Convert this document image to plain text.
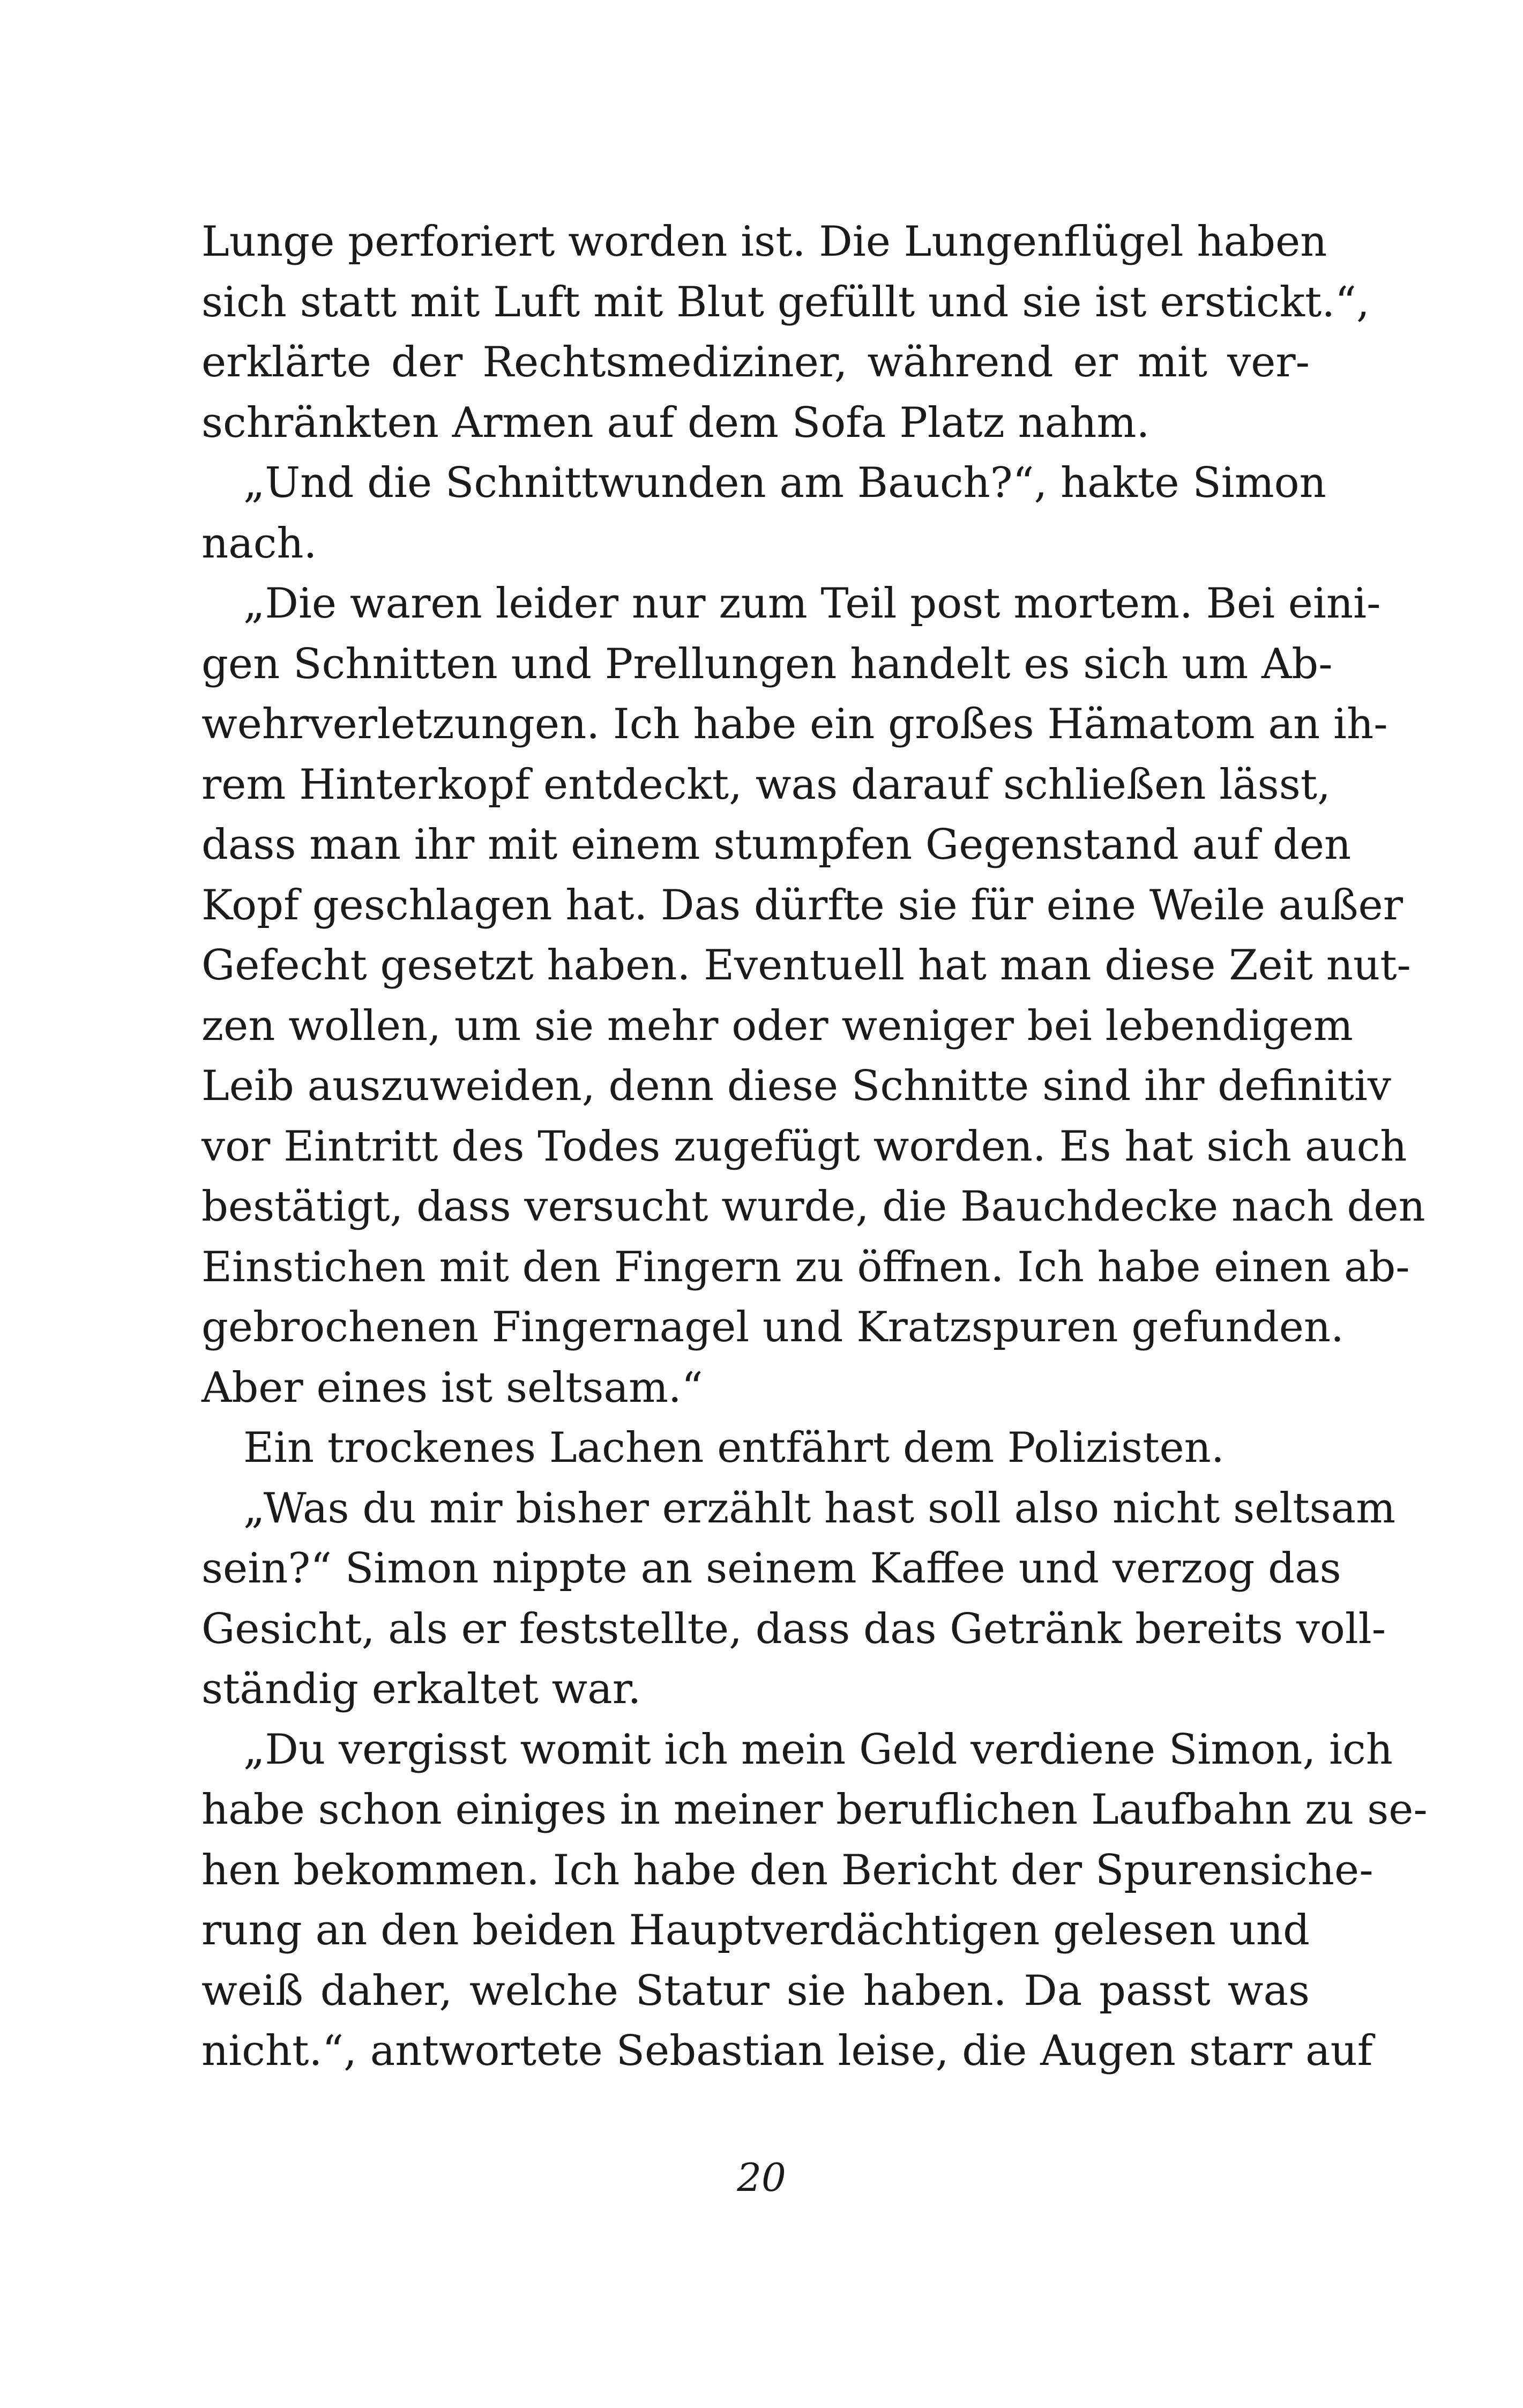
Lunge perforiert worden ist. Die Lungenflügel haben
sich statt mit Luft mit Blut gefüllt und sie ist erstickt.“,
erklärte der Rechtsmediziner, während er mit ver-
schränkten Armen auf dem Sofa Platz nahm.
 „Und die Schnittwunden am Bauch?“, hakte Simon
nach.
 „Die waren leider nur zum Teil post mortem. Bei eini-
gen Schnitten und Prellungen handelt es sich um Ab-
wehrverletzungen. Ich habe ein großes Hämatom an ih-
rem Hinterkopf entdeckt, was darauf schließen lässt,
dass man ihr mit einem stumpfen Gegenstand auf den
Kopf geschlagen hat. Das dürfte sie für eine Weile außer
Gefecht gesetzt haben. Eventuell hat man diese Zeit nut-
zen wollen, um sie mehr oder weniger bei lebendigem
Leib auszuweiden, denn diese Schnitte sind ihr definitiv
vor Eintritt des Todes zugefügt worden. Es hat sich auch
bestätigt, dass versucht wurde, die Bauchdecke nach den
Einstichen mit den Fingern zu öffnen. Ich habe einen ab-
gebrochenen Fingernagel und Kratzspuren gefunden.
Aber eines ist seltsam.“
 Ein trockenes Lachen entfährt dem Polizisten.
 „Was du mir bisher erzählt hast soll also nicht seltsam
sein?“ Simon nippte an seinem Kaffee und verzog das
Gesicht, als er feststellte, dass das Getränk bereits voll-
ständig erkaltet war.
 „Du vergisst womit ich mein Geld verdiene Simon, ich
habe schon einiges in meiner beruflichen Laufbahn zu se-
hen bekommen. Ich habe den Bericht der Spurensiche-
rung an den beiden Hauptverdächtigen gelesen und
weiß daher, welche Statur sie haben. Da passt was
nicht.“, antwortete Sebastian leise, die Augen starr auf
20
